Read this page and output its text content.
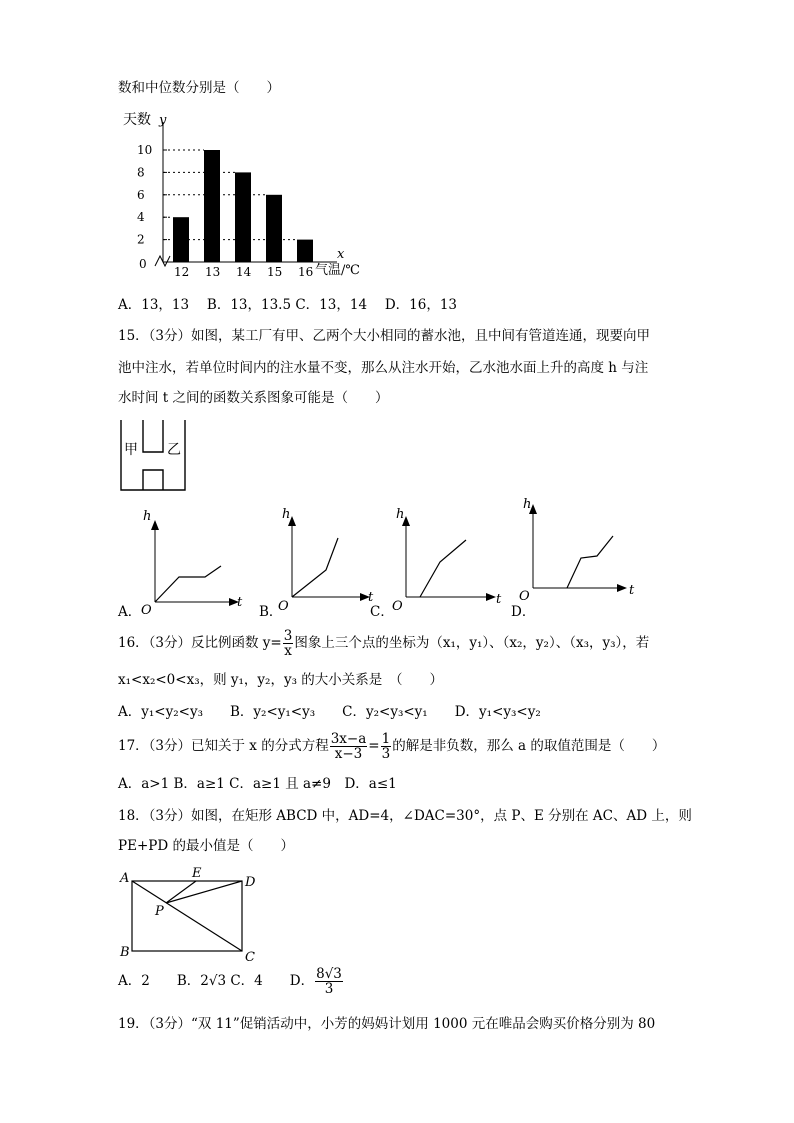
数和中位数分别是（　　）
天数 y
x
气温/℃
0
2
4
6
8
10
12 13 14 15 16
A．13，13　 B．13，13.5 C．13，14　 D．16，13
15．（3分）如图，某工厂有甲、乙两个大小相同的蓄水池，且中间有管道连通，现要向甲
池中注水，若单位时间内的注水量不变，那么从注水开始，乙水池水面上升的高度 h 与注
水时间 t 之间的函数关系图象可能是（　　）
甲 乙
A．
h
t
O	B．
h
t
O	C．
h
t
O	D．
h
t
O
16．（3分）反比例函数 $y= \frac{3}{x}$ 图象上三个点的坐标为（x₁，y₁）、（x₂，y₂）、（x₃，y₃），若
x₁<x₂<0<x₃，则 y₁，y₂，y₃ 的大小关系是　（　　）
A．y₁<y₂<y₃　　B．y₂<y₁<y₃　　C．y₂<y₃<y₁　　D．y₁<y₃<y₂
17．（3分）已知关于 x 的分式方程 $\frac{3x-a}{x-3} = \frac{1}{3}$ 的解是非负数，那么 a 的取值范围是（　　）
A．a>1 B．a≥1 C．a≥1 且 a≠9　D．a≤1
18．（3分）如图，在矩形 ABCD 中，AD=4，∠DAC=30°，点 P、E 分别在 AC、AD 上，则
PE+PD 的最小值是（　　）
A
B	C
D
E
P
A．2　　B．2√3 C．4　　D． $\frac{8√3}{3}$
19．（3分）“双 11”促销活动中，小芳的妈妈计划用 1000 元在唯品会购买价格分别为 80
